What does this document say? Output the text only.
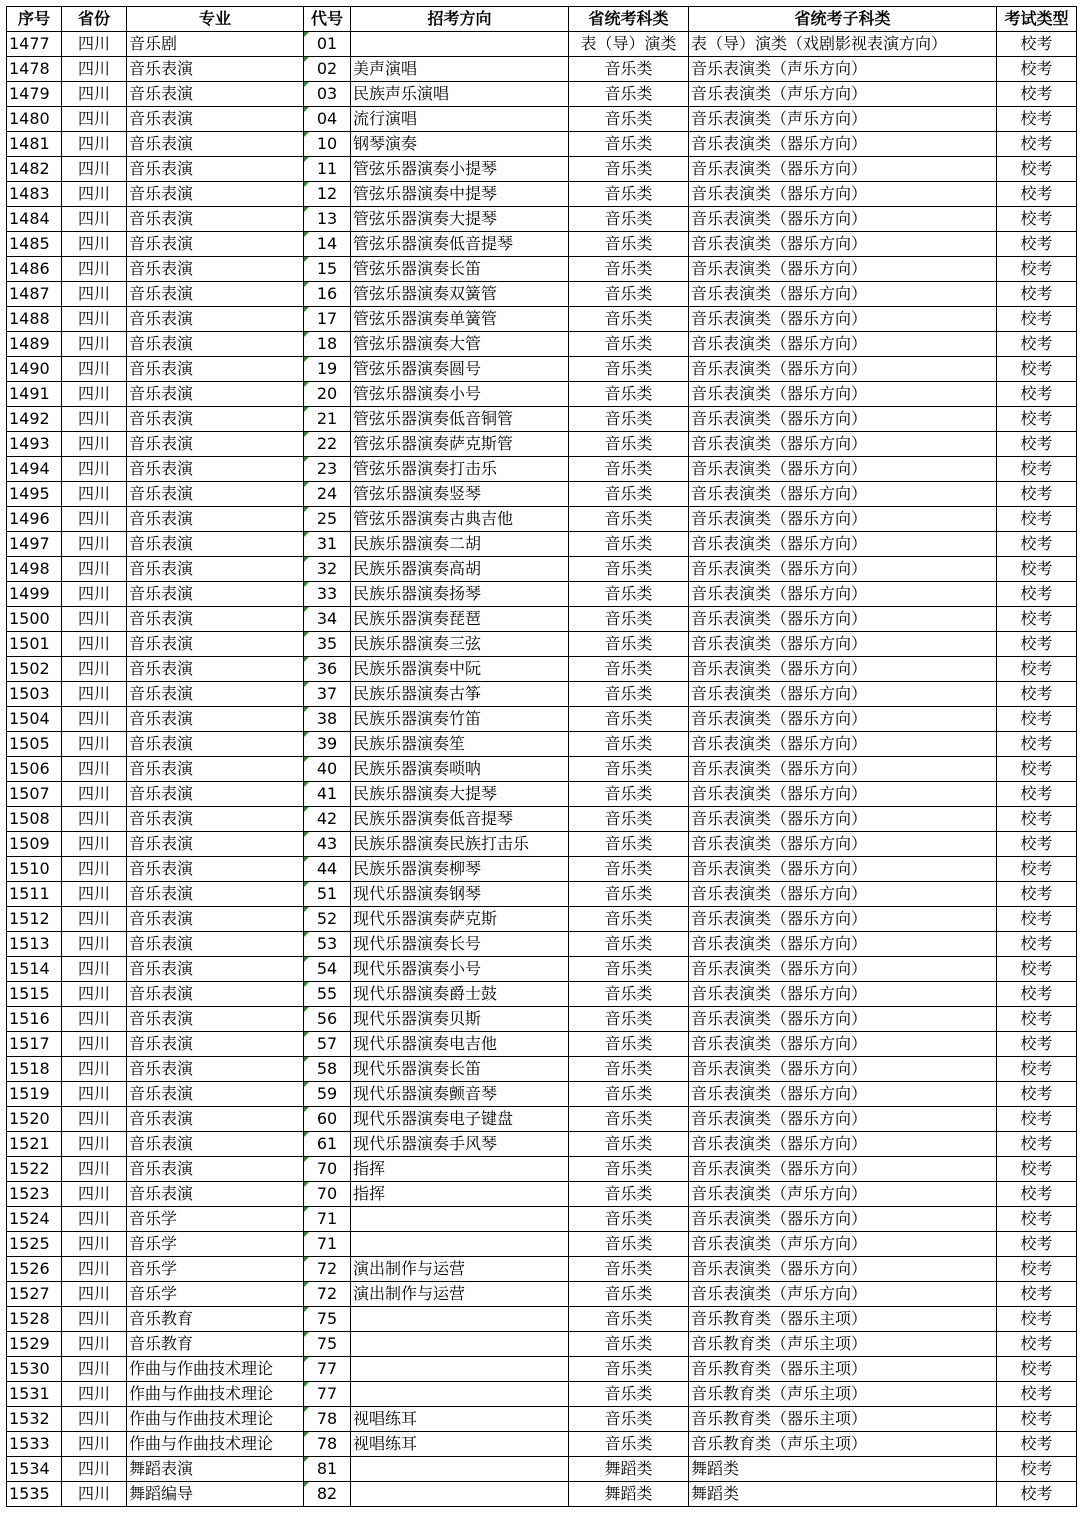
序号	省份	专业	代号	招考方向	省统考科类	省统考子科类	考试类型
1477	四川	音乐剧	01		表（导）演类	表（导）演类（戏剧影视表演方向）	校考
1478	四川	音乐表演	02	美声演唱	音乐类	音乐表演类（声乐方向）	校考
1479	四川	音乐表演	03	民族声乐演唱	音乐类	音乐表演类（声乐方向）	校考
1480	四川	音乐表演	04	流行演唱	音乐类	音乐表演类（声乐方向）	校考
1481	四川	音乐表演	10	钢琴演奏	音乐类	音乐表演类（器乐方向）	校考
1482	四川	音乐表演	11	管弦乐器演奏小提琴	音乐类	音乐表演类（器乐方向）	校考
1483	四川	音乐表演	12	管弦乐器演奏中提琴	音乐类	音乐表演类（器乐方向）	校考
1484	四川	音乐表演	13	管弦乐器演奏大提琴	音乐类	音乐表演类（器乐方向）	校考
1485	四川	音乐表演	14	管弦乐器演奏低音提琴	音乐类	音乐表演类（器乐方向）	校考
1486	四川	音乐表演	15	管弦乐器演奏长笛	音乐类	音乐表演类（器乐方向）	校考
1487	四川	音乐表演	16	管弦乐器演奏双簧管	音乐类	音乐表演类（器乐方向）	校考
1488	四川	音乐表演	17	管弦乐器演奏单簧管	音乐类	音乐表演类（器乐方向）	校考
1489	四川	音乐表演	18	管弦乐器演奏大管	音乐类	音乐表演类（器乐方向）	校考
1490	四川	音乐表演	19	管弦乐器演奏圆号	音乐类	音乐表演类（器乐方向）	校考
1491	四川	音乐表演	20	管弦乐器演奏小号	音乐类	音乐表演类（器乐方向）	校考
1492	四川	音乐表演	21	管弦乐器演奏低音铜管	音乐类	音乐表演类（器乐方向）	校考
1493	四川	音乐表演	22	管弦乐器演奏萨克斯管	音乐类	音乐表演类（器乐方向）	校考
1494	四川	音乐表演	23	管弦乐器演奏打击乐	音乐类	音乐表演类（器乐方向）	校考
1495	四川	音乐表演	24	管弦乐器演奏竖琴	音乐类	音乐表演类（器乐方向）	校考
1496	四川	音乐表演	25	管弦乐器演奏古典吉他	音乐类	音乐表演类（器乐方向）	校考
1497	四川	音乐表演	31	民族乐器演奏二胡	音乐类	音乐表演类（器乐方向）	校考
1498	四川	音乐表演	32	民族乐器演奏高胡	音乐类	音乐表演类（器乐方向）	校考
1499	四川	音乐表演	33	民族乐器演奏扬琴	音乐类	音乐表演类（器乐方向）	校考
1500	四川	音乐表演	34	民族乐器演奏琵琶	音乐类	音乐表演类（器乐方向）	校考
1501	四川	音乐表演	35	民族乐器演奏三弦	音乐类	音乐表演类（器乐方向）	校考
1502	四川	音乐表演	36	民族乐器演奏中阮	音乐类	音乐表演类（器乐方向）	校考
1503	四川	音乐表演	37	民族乐器演奏古筝	音乐类	音乐表演类（器乐方向）	校考
1504	四川	音乐表演	38	民族乐器演奏竹笛	音乐类	音乐表演类（器乐方向）	校考
1505	四川	音乐表演	39	民族乐器演奏笙	音乐类	音乐表演类（器乐方向）	校考
1506	四川	音乐表演	40	民族乐器演奏唢呐	音乐类	音乐表演类（器乐方向）	校考
1507	四川	音乐表演	41	民族乐器演奏大提琴	音乐类	音乐表演类（器乐方向）	校考
1508	四川	音乐表演	42	民族乐器演奏低音提琴	音乐类	音乐表演类（器乐方向）	校考
1509	四川	音乐表演	43	民族乐器演奏民族打击乐	音乐类	音乐表演类（器乐方向）	校考
1510	四川	音乐表演	44	民族乐器演奏柳琴	音乐类	音乐表演类（器乐方向）	校考
1511	四川	音乐表演	51	现代乐器演奏钢琴	音乐类	音乐表演类（器乐方向）	校考
1512	四川	音乐表演	52	现代乐器演奏萨克斯	音乐类	音乐表演类（器乐方向）	校考
1513	四川	音乐表演	53	现代乐器演奏长号	音乐类	音乐表演类（器乐方向）	校考
1514	四川	音乐表演	54	现代乐器演奏小号	音乐类	音乐表演类（器乐方向）	校考
1515	四川	音乐表演	55	现代乐器演奏爵士鼓	音乐类	音乐表演类（器乐方向）	校考
1516	四川	音乐表演	56	现代乐器演奏贝斯	音乐类	音乐表演类（器乐方向）	校考
1517	四川	音乐表演	57	现代乐器演奏电吉他	音乐类	音乐表演类（器乐方向）	校考
1518	四川	音乐表演	58	现代乐器演奏长笛	音乐类	音乐表演类（器乐方向）	校考
1519	四川	音乐表演	59	现代乐器演奏颤音琴	音乐类	音乐表演类（器乐方向）	校考
1520	四川	音乐表演	60	现代乐器演奏电子键盘	音乐类	音乐表演类（器乐方向）	校考
1521	四川	音乐表演	61	现代乐器演奏手风琴	音乐类	音乐表演类（器乐方向）	校考
1522	四川	音乐表演	70	指挥	音乐类	音乐表演类（器乐方向）	校考
1523	四川	音乐表演	70	指挥	音乐类	音乐表演类（声乐方向）	校考
1524	四川	音乐学	71		音乐类	音乐表演类（器乐方向）	校考
1525	四川	音乐学	71		音乐类	音乐表演类（声乐方向）	校考
1526	四川	音乐学	72	演出制作与运营	音乐类	音乐表演类（器乐方向）	校考
1527	四川	音乐学	72	演出制作与运营	音乐类	音乐表演类（声乐方向）	校考
1528	四川	音乐教育	75		音乐类	音乐教育类（器乐主项）	校考
1529	四川	音乐教育	75		音乐类	音乐教育类（声乐主项）	校考
1530	四川	作曲与作曲技术理论	77		音乐类	音乐教育类（器乐主项）	校考
1531	四川	作曲与作曲技术理论	77		音乐类	音乐教育类（声乐主项）	校考
1532	四川	作曲与作曲技术理论	78	视唱练耳	音乐类	音乐教育类（器乐主项）	校考
1533	四川	作曲与作曲技术理论	78	视唱练耳	音乐类	音乐教育类（声乐主项）	校考
1534	四川	舞蹈表演	81		舞蹈类	舞蹈类	校考
1535	四川	舞蹈编导	82		舞蹈类	舞蹈类	校考
